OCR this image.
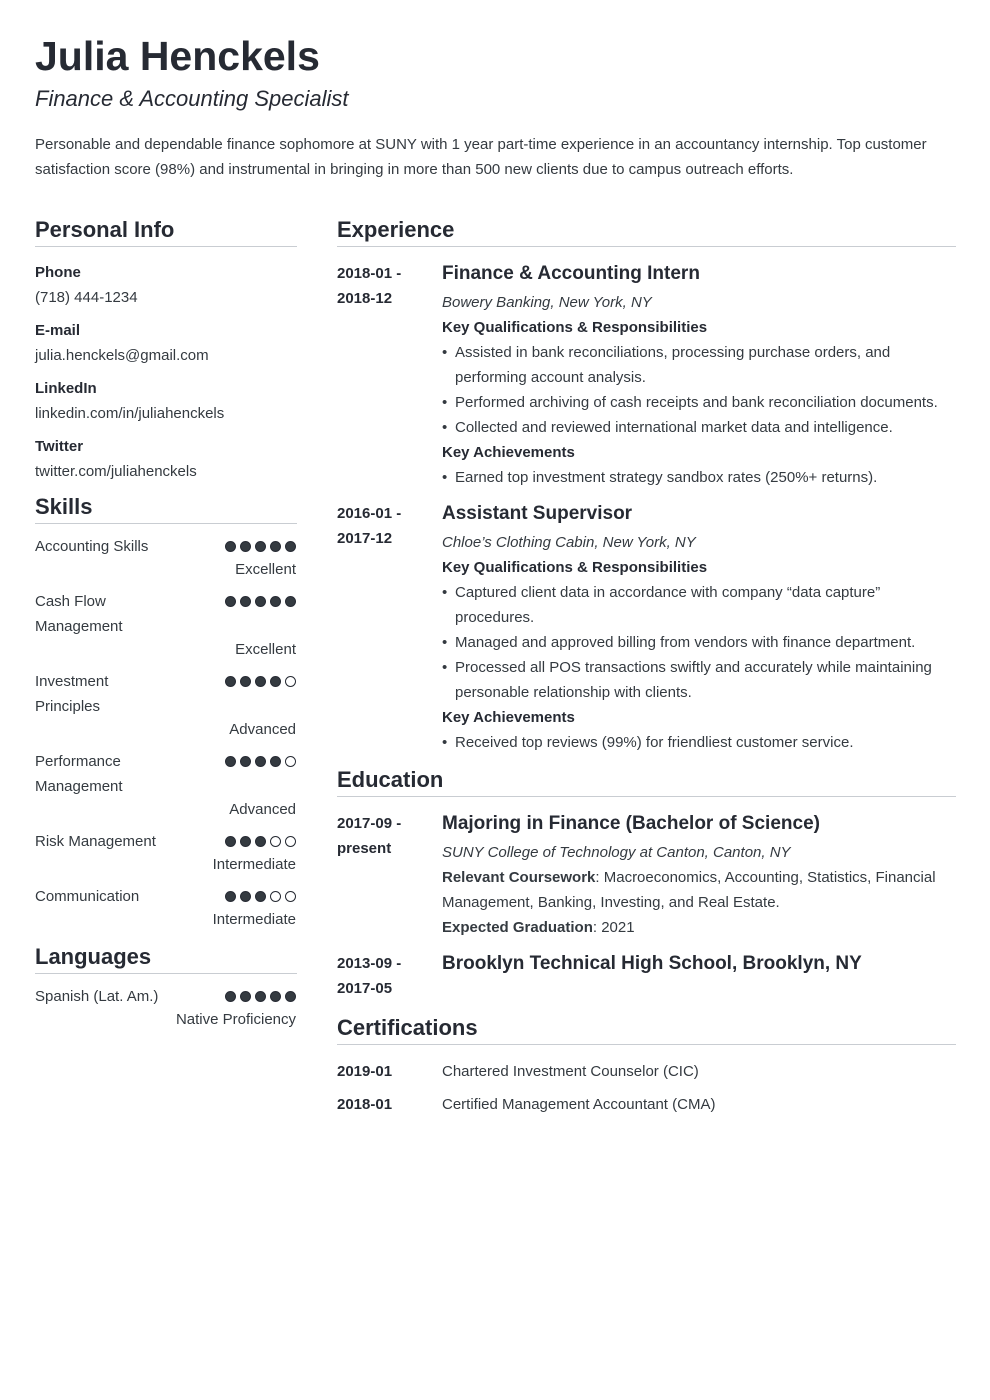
Julia Henckels
Finance & Accounting Specialist

Personable and dependable finance sophomore at SUNY with 1 year part-time experience in an accountancy internship. Top customer satisfaction score (98%) and instrumental in bringing in more than 500 new clients due to campus outreach efforts.

Personal Info
Phone
(718) 444-1234
E-mail
julia.henckels@gmail.com
LinkedIn
linkedin.com/in/juliahenckels
Twitter
twitter.com/juliahenckels
Skills
Accounting Skills
Excellent
Cash Flow Management
Excellent
Investment Principles
Advanced
Performance Management
Advanced
Risk Management
Intermediate
Communication
Intermediate
Languages
Spanish (Lat. Am.)
Native Proficiency
Experience
2018-01 -
2018-12
Finance & Accounting Intern
Bowery Banking, New York, NY
Key Qualifications & Responsibilities
• Assisted in bank reconciliations, processing purchase orders, and performing account analysis.
• Performed archiving of cash receipts and bank reconciliation documents.
• Collected and reviewed international market data and intelligence.
Key Achievements
• Earned top investment strategy sandbox rates (250%+ returns).
2016-01 -
2017-12
Assistant Supervisor
Chloe’s Clothing Cabin, New York, NY
Key Qualifications & Responsibilities
• Captured client data in accordance with company “data capture” procedures.
• Managed and approved billing from vendors with finance department.
• Processed all POS transactions swiftly and accurately while maintaining personable relationship with clients.
Key Achievements
• Received top reviews (99%) for friendliest customer service.
Education
2017-09 -
present
Majoring in Finance (Bachelor of Science)
SUNY College of Technology at Canton, Canton, NY
Relevant Coursework: Macroeconomics, Accounting, Statistics, Financial Management, Banking, Investing, and Real Estate.
Expected Graduation: 2021
2013-09 -
2017-05
Brooklyn Technical High School, Brooklyn, NY
Certifications
2019-01	Chartered Investment Counselor (CIC)
2018-01	Certified Management Accountant (CMA)
